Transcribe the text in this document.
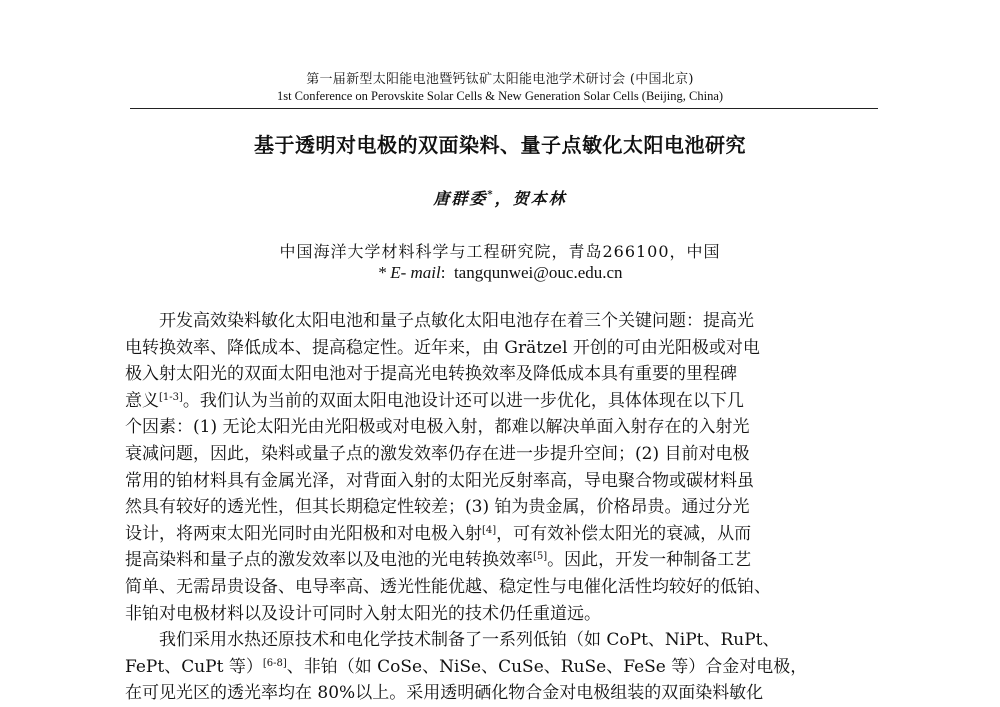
第一届新型太阳能电池暨钙钛矿太阳能电池学术研讨会 (中国北京)
1st Conference on Perovskite Solar Cells & New Generation Solar Cells (Beijing, China)
基于透明对电极的双面染料、量子点敏化太阳电池研究
唐群委*，贺本林
中国海洋大学材料科学与工程研究院，青岛266100，中国
* E- mail: tangqunwei@ouc.edu.cn
开发高效染料敏化太阳电池和量子点敏化太阳电池存在着三个关键问题：提高光
电转换效率、降低成本、提高稳定性。近年来，由 Grätzel 开创的可由光阳极或对电
极入射太阳光的双面太阳电池对于提高光电转换效率及降低成本具有重要的里程碑
意义[1-3]。我们认为当前的双面太阳电池设计还可以进一步优化，具体体现在以下几
个因素：(1) 无论太阳光由光阳极或对电极入射，都难以解决单面入射存在的入射光
衰减问题，因此，染料或量子点的激发效率仍存在进一步提升空间；(2) 目前对电极
常用的铂材料具有金属光泽，对背面入射的太阳光反射率高，导电聚合物或碳材料虽
然具有较好的透光性，但其长期稳定性较差；(3) 铂为贵金属，价格昂贵。通过分光
设计，将两束太阳光同时由光阳极和对电极入射[4]，可有效补偿太阳光的衰减，从而
提高染料和量子点的激发效率以及电池的光电转换效率[5]。因此，开发一种制备工艺
简单、无需昂贵设备、电导率高、透光性能优越、稳定性与电催化活性均较好的低铂、
非铂对电极材料以及设计可同时入射太阳光的技术仍任重道远。
我们采用水热还原技术和电化学技术制备了一系列低铂（如 CoPt、NiPt、RuPt、
FePt、CuPt 等）[6-8]、非铂（如 CoSe、NiSe、CuSe、RuSe、FeSe 等）合金对电极，
在可见光区的透光率均在 80%以上。采用透明硒化物合金对电极组装的双面染料敏化
